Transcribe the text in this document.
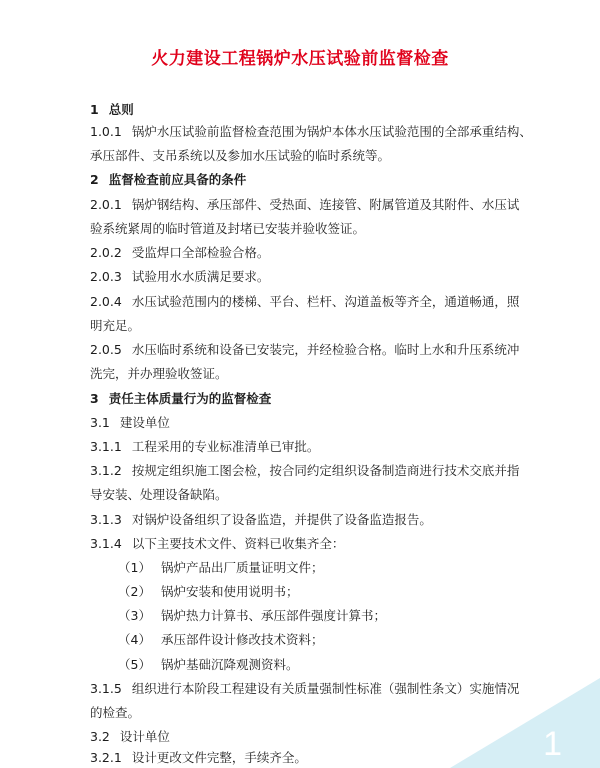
火力建设工程锅炉水压试验前监督检查
1 总则
1.0.1 锅炉水压试验前监督检查范围为锅炉本体水压试验范围的全部承重结构、
承压部件、支吊系统以及参加水压试验的临时系统等。
2 监督检查前应具备的条件
2.0.1 锅炉钢结构、承压部件、受热面、连接管、附属管道及其附件、水压试
验系统紧周的临时管道及封堵已安装并验收签证。
2.0.2 受监焊口全部检验合格。
2.0.3 试验用水水质满足要求。
2.0.4 水压试验范围内的楼梯、平台、栏杆、沟道盖板等齐全，通道畅通，照
明充足。
2.0.5 水压临时系统和设备已安装完，并经检验合格。临时上水和升压系统冲
洗完，并办理验收签证。
3 责任主体质量行为的监督检查
3.1 建设单位
3.1.1 工程采用的专业标准清单已审批。
3.1.2 按规定组织施工图会检，按合同约定组织设备制造商进行技术交底并指
导安装、处理设备缺陷。
3.1.3 对锅炉设备组织了设备监造，并提供了设备监造报告。
3.1.4 以下主要技术文件、资料已收集齐全：
（1） 锅炉产品出厂质量证明文件；
（2） 锅炉安装和使用说明书；
（3） 锅炉热力计算书、承压部件强度计算书；
（4） 承压部件设计修改技术资料；
（5） 锅炉基础沉降观测资料。
3.1.5 组织进行本阶段工程建设有关质量强制性标准（强制性条文）实施情况
的检查。
3.2 设计单位
3.2.1 设计更改文件完整，手续齐全。	1
